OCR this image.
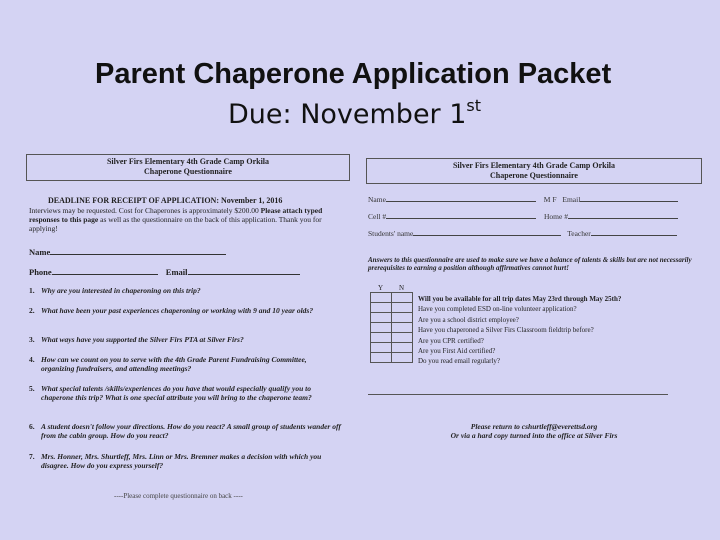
Parent Chaperone Application Packet
Due: November 1st
Silver Firs Elementary 4th Grade Camp Orkila
Chaperone Questionnaire
DEADLINE FOR RECEIPT OF APPLICATION: November 1, 2016
Interviews may be requested. Cost for Chaperones is approximately $200.00 Please attach typed responses to this page as well as the questionnaire on the back of this application. Thank you for applying!
Name
Phone	Email
1. Why are you interested in chaperoning on this trip?
2. What have been your past experiences chaperoning or working with 9 and 10 year olds?
3. What ways have you supported the Silver Firs PTA at Silver Firs?
4. How can we count on you to serve with the 4th Grade Parent Fundraising Committee, organizing fundraisers, and attending meetings?
5. What special talents /skills/experiences do you have that would especially qualify you to chaperone this trip? What is one special attribute you will bring to the chaperone team?
6. A student doesn't follow your directions. How do you react? A small group of students wander off from the cabin group. How do you react?
7. Mrs. Honner, Mrs. Shurtleff, Mrs. Linn or Mrs. Bremner makes a decision with which you disagree. How do you express yourself?
----Please complete questionnaire on back ----
Silver Firs Elementary 4th Grade Camp Orkila
Chaperone Questionnaire
Name	M F Email
Cell #	Home #
Students' name	Teacher
Answers to this questionnaire are used to make sure we have a balance of talents & skills but are not necessarily prerequisites to earning a position although affirmatives cannot hurt!
Y N

Will you be available for all trip dates May 23rd through May 25th?
Have you completed ESD on-line volunteer application?
Are you a school district employee?
Have you chaperoned a Silver Firs Classroom fieldtrip before?
Are you CPR certified?
Are you First Aid certified?
Do you read email regularly?
Please return to cshurtleff@everettsd.org
Or via a hard copy turned into the office at Silver Firs
